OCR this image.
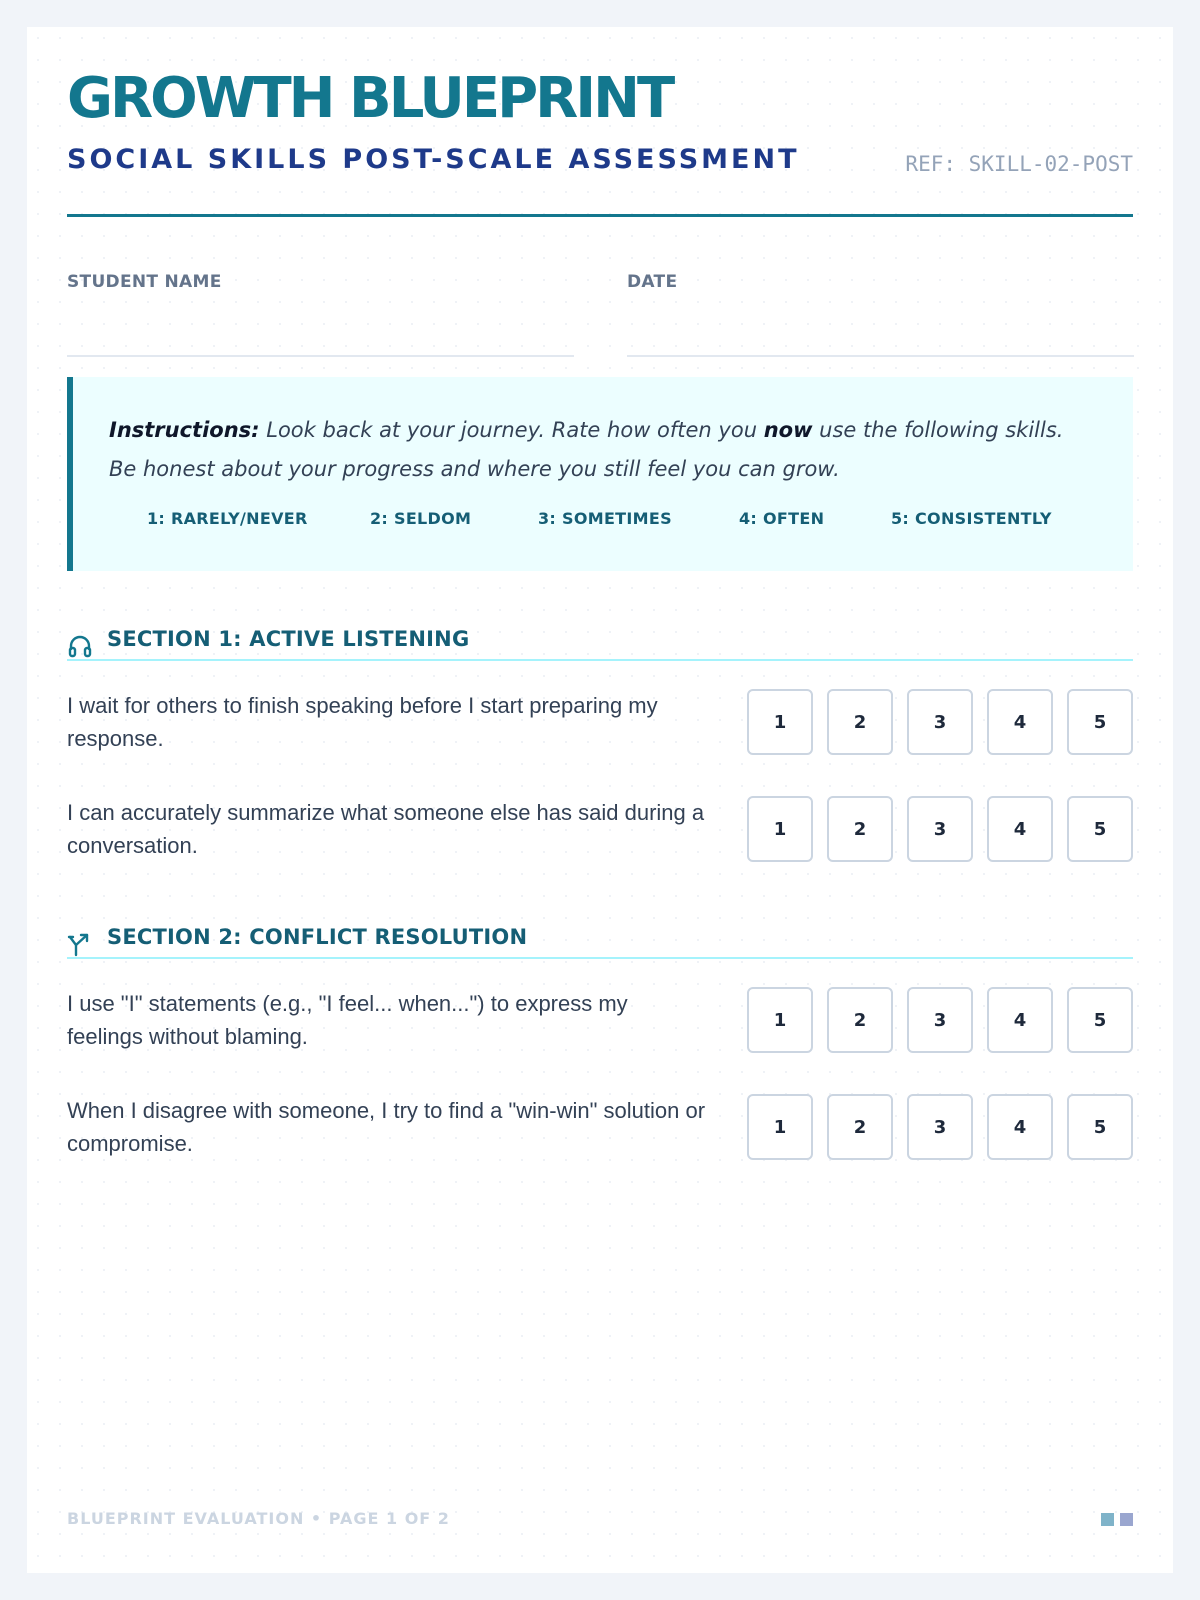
GROWTH BLUEPRINT
SOCIAL SKILLS POST-SCALE ASSESSMENT	REF: SKILL-02-POST
STUDENT NAME	DATE

Instructions: Look back at your journey. Rate how often you now use the following skills. Be honest about your progress and where you still feel you can grow.

1: RARELY/NEVER	2: SELDOM	3: SOMETIMES	4: OFTEN	5: CONSISTENTLY
SECTION 1: ACTIVE LISTENING
I wait for others to finish speaking before I start preparing my response.
1	2	3	4	5
I can accurately summarize what someone else has said during a conversation.
1	2	3	4	5
SECTION 2: CONFLICT RESOLUTION
I use "I" statements (e.g., "I feel... when...") to express my feelings without blaming.
1	2	3	4	5
When I disagree with someone, I try to find a "win-win" solution or compromise.
1	2	3	4	5
BLUEPRINT EVALUATION • PAGE 1 OF 2
